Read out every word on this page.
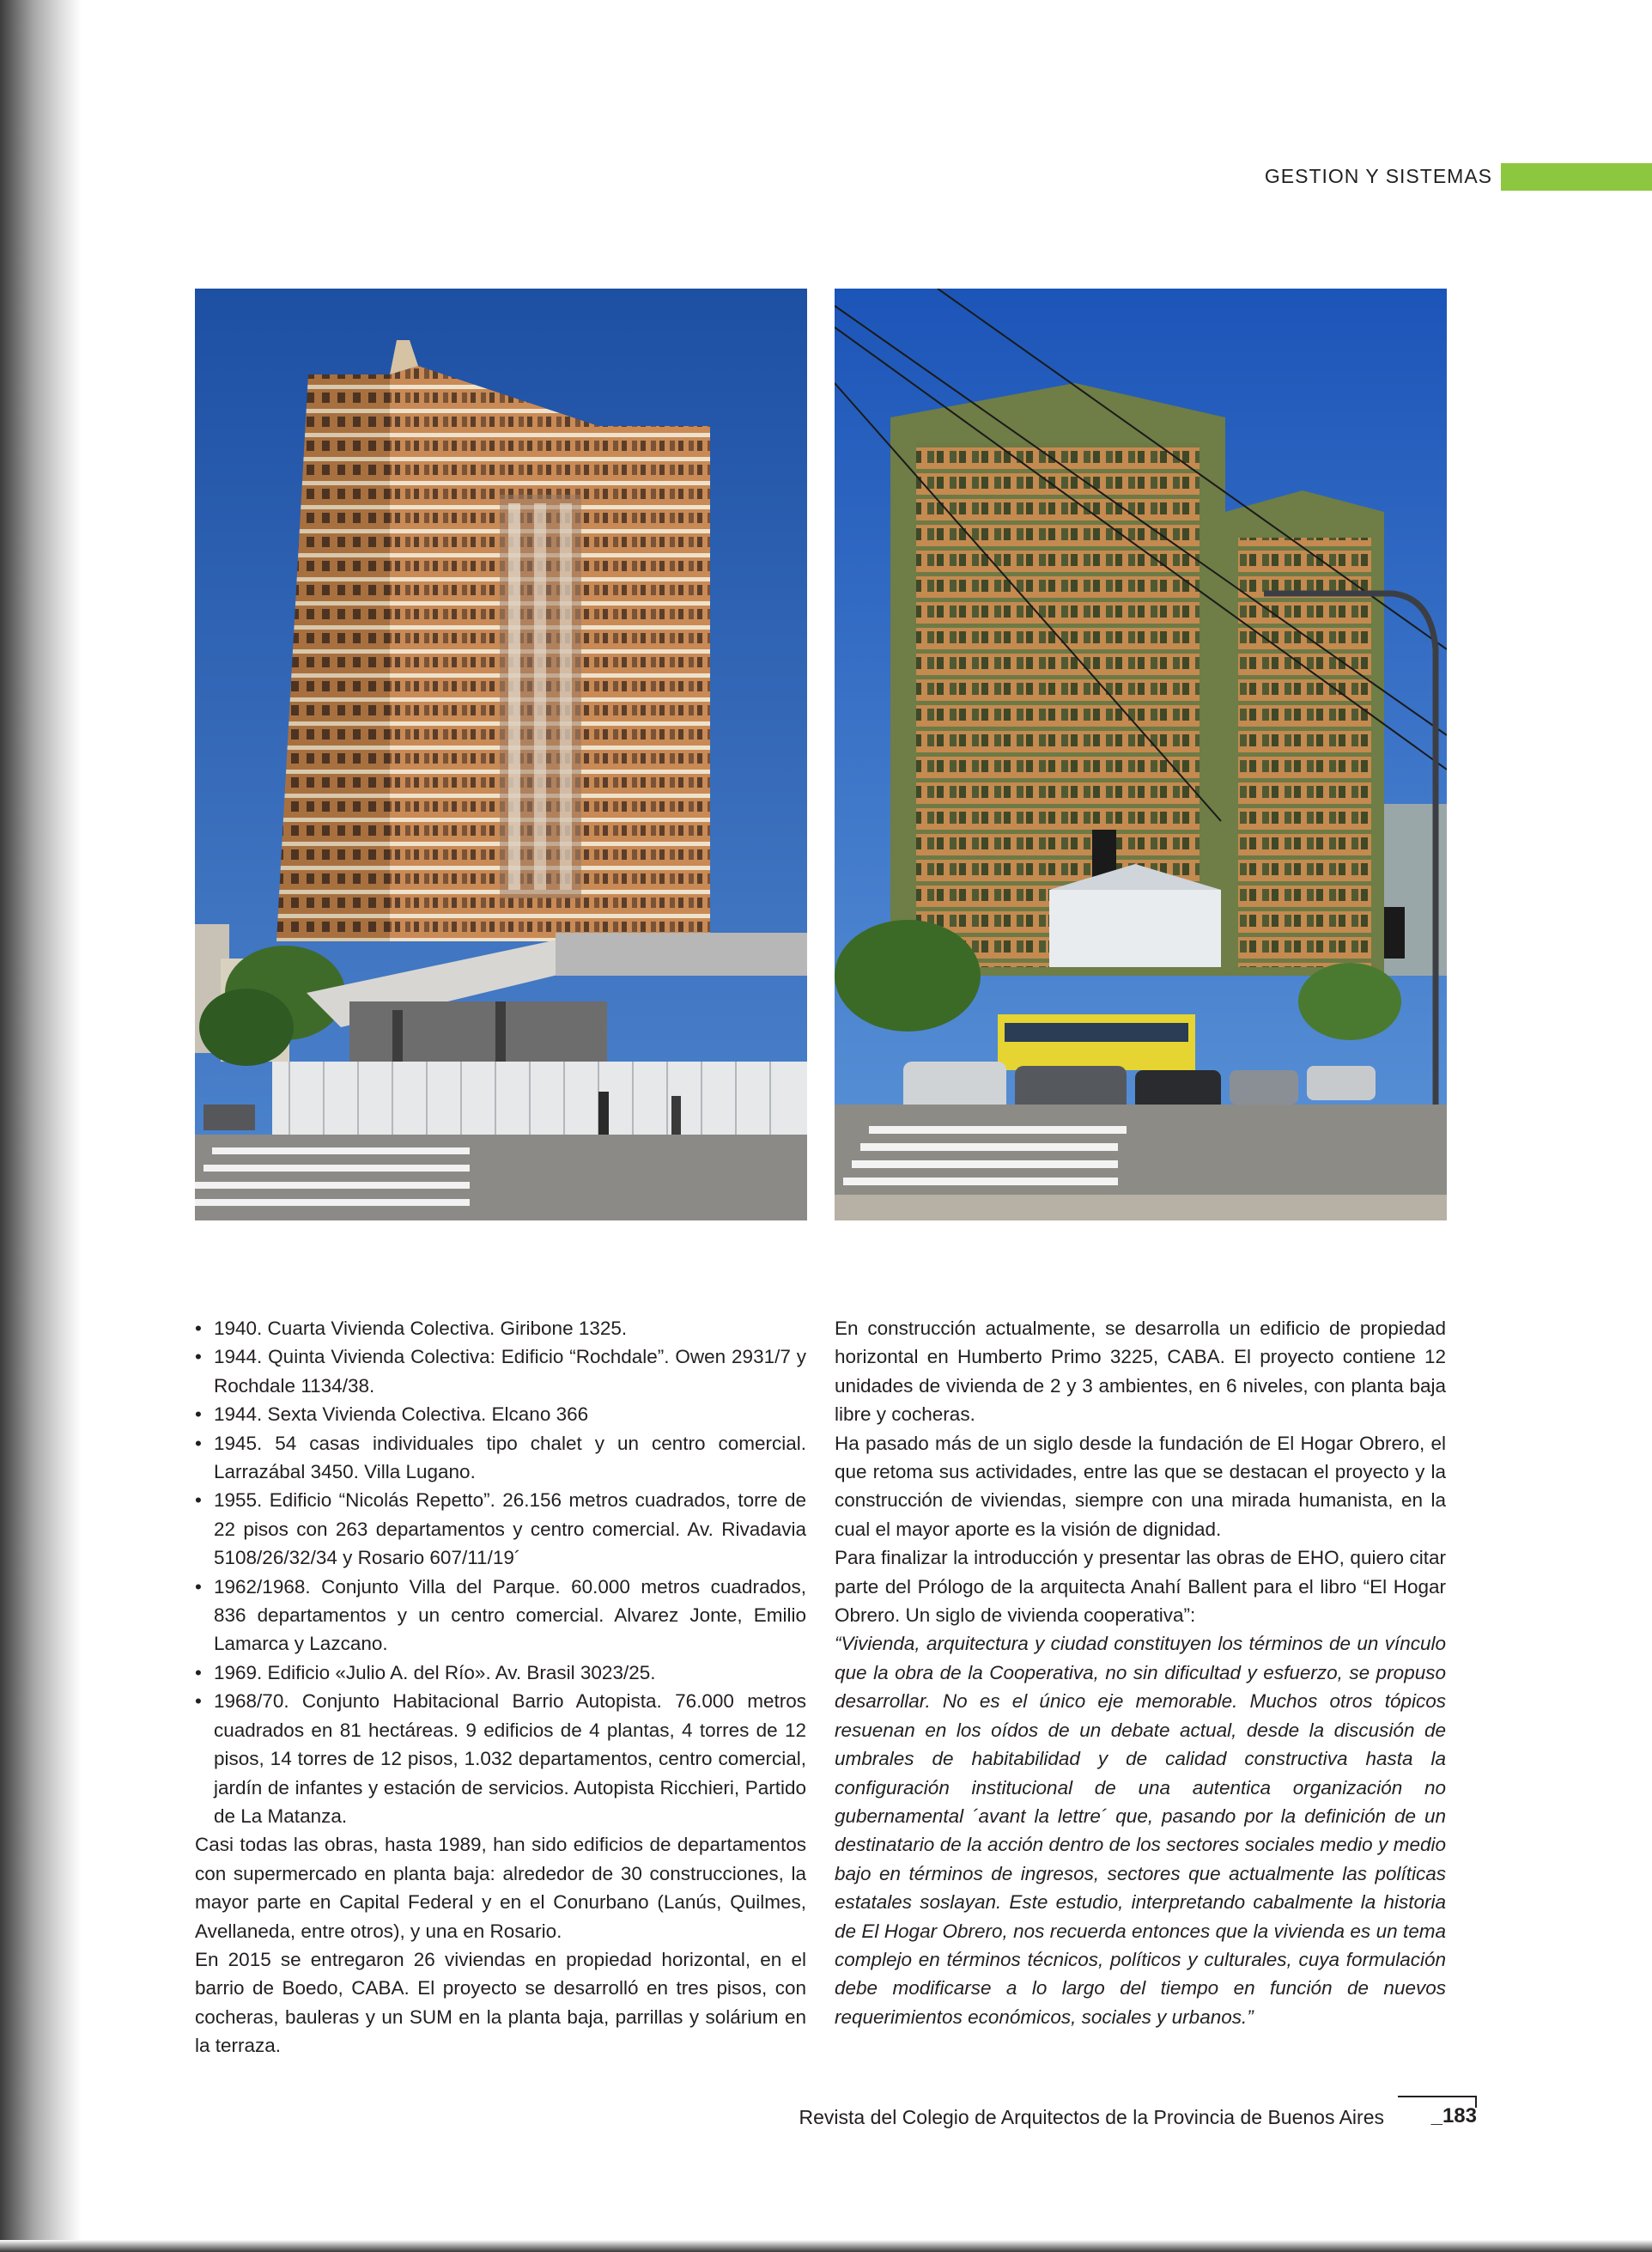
GESTION Y SISTEMAS

• 1940. Cuarta Vivienda Colectiva. Giribone 1325.

• 1944. Quinta Vivienda Colectiva: Edificio “Rochdale”. Owen 2931/7 y Rochdale 1134/38.

• 1944. Sexta Vivienda Colectiva. Elcano 366

• 1945. 54 casas individuales tipo chalet y un centro comercial. Larrazábal 3450. Villa Lugano.

• 1955. Edificio “Nicolás Repetto”. 26.156 metros cuadrados, torre de 22 pisos con 263 departamentos y centro comercial. Av. Rivadavia 5108/26/32/34 y Rosario 607/11/19´

• 1962/1968. Conjunto Villa del Parque. 60.000 metros cuadrados, 836 departamentos y un centro comercial. Alvarez Jonte, Emilio Lamarca y Lazcano.

• 1969. Edificio «Julio A. del Río». Av. Brasil 3023/25.

• 1968/70. Conjunto Habitacional Barrio Autopista. 76.000 metros cuadrados en 81 hectáreas. 9 edificios de 4 plantas, 4 torres de 12 pisos, 14 torres de 12 pisos, 1.032 departamentos, centro comercial, jardín de infantes y estación de servicios. Autopista Ricchieri, Partido de La Matanza.

Casi todas las obras, hasta 1989, han sido edificios de departamentos con supermercado en planta baja: alrededor de 30 construcciones, la mayor parte en Capital Federal y en el Conurbano (Lanús, Quilmes, Avellaneda, entre otros), y una en Rosario.

En 2015 se entregaron 26 viviendas en propiedad horizontal, en el barrio de Boedo, CABA. El proyecto se desarrolló en tres pisos, con cocheras, bauleras y un SUM en la planta baja, parrillas y solárium en la terraza.

En construcción actualmente, se desarrolla un edificio de propiedad horizontal en Humberto Primo 3225, CABA. El proyecto contiene 12 unidades de vivienda de 2 y 3 ambientes, en 6 niveles, con planta baja libre y cocheras.

Ha pasado más de un siglo desde la fundación de El Hogar Obrero, el que retoma sus actividades, entre las que se destacan el proyecto y la construcción de viviendas, siempre con una mirada humanista, en la cual el mayor aporte es la visión de dignidad.

Para finalizar la introducción y presentar las obras de EHO, quiero citar parte del Prólogo de la arquitecta Anahí Ballent para el libro “El Hogar Obrero. Un siglo de vivienda cooperativa”:

“Vivienda, arquitectura y ciudad constituyen los términos de un vínculo que la obra de la Cooperativa, no sin dificultad y esfuerzo, se propuso desarrollar. No es el único eje memorable. Muchos otros tópicos resuenan en los oídos de un debate actual, desde la discusión de umbrales de habitabilidad y de calidad constructiva hasta la configuración institucional de una autentica organización no gubernamental ´avant la lettre´ que, pasando por la definición de un destinatario de la acción dentro de los sectores sociales medio y medio bajo en términos de ingresos, sectores que actualmente las políticas estatales soslayan. Este estudio, interpretando cabalmente la historia de El Hogar Obrero, nos recuerda entonces que la vivienda es un tema complejo en términos técnicos, políticos y culturales, cuya formulación debe modificarse a lo largo del tiempo en función de nuevos requerimientos económicos, sociales y urbanos.”

Revista del Colegio de Arquitectos de la Provincia de Buenos Aires _183
